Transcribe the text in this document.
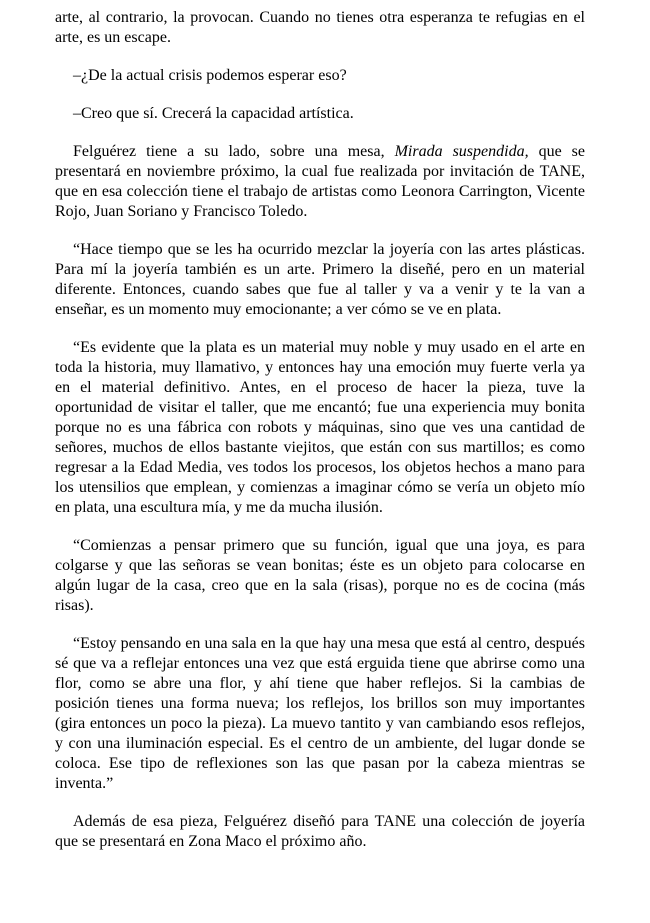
arte, al contrario, la provocan. Cuando no tienes otra esperanza te refugias en el arte, es un escape.

–¿De la actual crisis podemos esperar eso?

–Creo que sí. Crecerá la capacidad artística.

Felguérez tiene a su lado, sobre una mesa, Mirada suspendida, que se presentará en noviembre próximo, la cual fue realizada por invitación de TANE, que en esa colección tiene el trabajo de artistas como Leonora Carrington, Vicente Rojo, Juan Soriano y Francisco Toledo.

“Hace tiempo que se les ha ocurrido mezclar la joyería con las artes plásticas. Para mí la joyería también es un arte. Primero la diseñé, pero en un material diferente. Entonces, cuando sabes que fue al taller y va a venir y te la van a enseñar, es un momento muy emocionante; a ver cómo se ve en plata.

“Es evidente que la plata es un material muy noble y muy usado en el arte en toda la historia, muy llamativo, y entonces hay una emoción muy fuerte verla ya en el material definitivo. Antes, en el proceso de hacer la pieza, tuve la oportunidad de visitar el taller, que me encantó; fue una experiencia muy bonita porque no es una fábrica con robots y máquinas, sino que ves una cantidad de señores, muchos de ellos bastante viejitos, que están con sus martillos; es como regresar a la Edad Media, ves todos los procesos, los objetos hechos a mano para los utensilios que emplean, y comienzas a imaginar cómo se vería un objeto mío en plata, una escultura mía, y me da mucha ilusión.

“Comienzas a pensar primero que su función, igual que una joya, es para colgarse y que las señoras se vean bonitas; éste es un objeto para colocarse en algún lugar de la casa, creo que en la sala (risas), porque no es de cocina (más risas).

“Estoy pensando en una sala en la que hay una mesa que está al centro, después sé que va a reflejar entonces una vez que está erguida tiene que abrirse como una flor, como se abre una flor, y ahí tiene que haber reflejos. Si la cambias de posición tienes una forma nueva; los reflejos, los brillos son muy importantes (gira entonces un poco la pieza). La muevo tantito y van cambiando esos reflejos, y con una iluminación especial. Es el centro de un ambiente, del lugar donde se coloca. Ese tipo de reflexiones son las que pasan por la cabeza mientras se inventa.”

Además de esa pieza, Felguérez diseñó para TANE una colección de joyería que se presentará en Zona Maco el próximo año.
